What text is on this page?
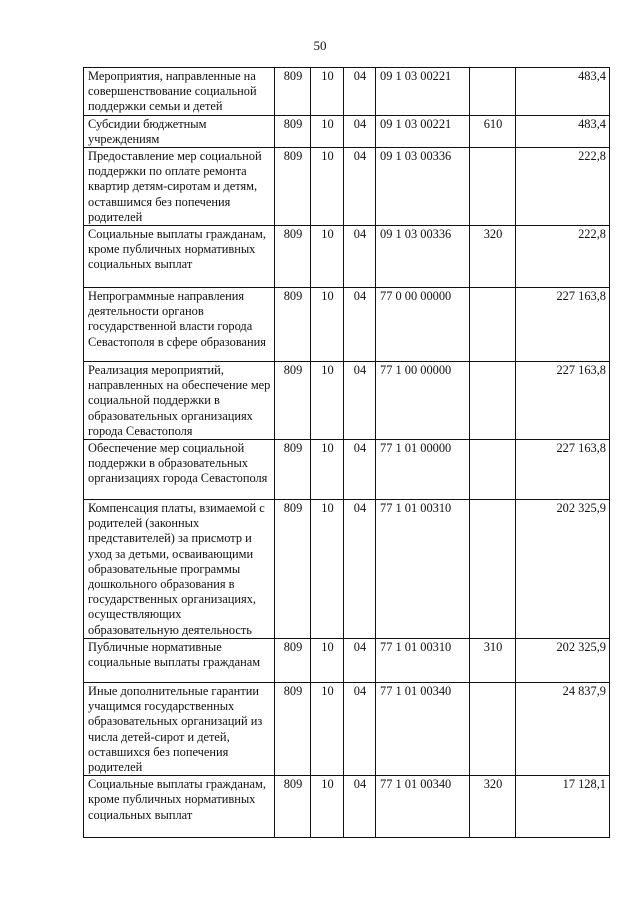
50
Мероприятия, направленные на совершенствование социальной поддержки семьи и детей	809	10	04	09 1 03 00221		483,4
Субсидии бюджетным учреждениям	809	10	04	09 1 03 00221	610	483,4
Предоставление мер социальной поддержки по оплате ремонта квартир детям-сиротам и детям, оставшимся без попечения родителей	809	10	04	09 1 03 00336		222,8
Социальные выплаты гражданам, кроме публичных нормативных социальных выплат	809	10	04	09 1 03 00336	320	222,8
Непрограммные направления деятельности органов государственной власти города Севастополя в сфере образования	809	10	04	77 0 00 00000		227 163,8
Реализация мероприятий, направленных на обеспечение мер социальной поддержки в образовательных организациях города Севастополя	809	10	04	77 1 00 00000		227 163,8
Обеспечение мер социальной поддержки в образовательных организациях города Севастополя	809	10	04	77 1 01 00000		227 163,8
Компенсация платы, взимаемой с родителей (законных представителей) за присмотр и уход за детьми, осваивающими образовательные программы дошкольного образования в государственных организациях, осуществляющих образовательную деятельность	809	10	04	77 1 01 00310		202 325,9
Публичные нормативные социальные выплаты гражданам	809	10	04	77 1 01 00310	310	202 325,9
Иные дополнительные гарантии учащимся государственных образовательных организаций из числа детей-сирот и детей, оставшихся без попечения родителей	809	10	04	77 1 01 00340		24 837,9
Социальные выплаты гражданам, кроме публичных нормативных социальных выплат	809	10	04	77 1 01 00340	320	17 128,1
